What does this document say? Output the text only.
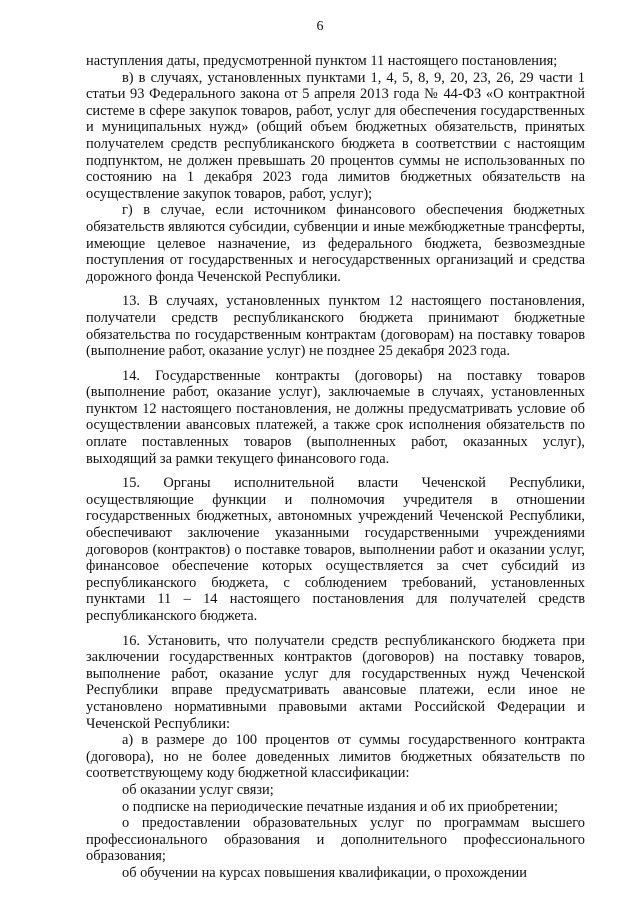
6

наступления даты, предусмотренной пунктом 11 настоящего постановления;

в) в случаях, установленных пунктами 1, 4, 5, 8, 9, 20, 23, 26, 29 части 1 статьи 93 Федерального закона от 5 апреля 2013 года № 44-ФЗ «О контрактной системе в сфере закупок товаров, работ, услуг для обеспечения государственных и муниципальных нужд» (общий объем бюджетных обязательств, принятых получателем средств республиканского бюджета в соответствии с настоящим подпунктом, не должен превышать 20 процентов суммы не использованных по состоянию на 1 декабря 2023 года лимитов бюджетных обязательств на осуществление закупок товаров, работ, услуг);

г) в случае, если источником финансового обеспечения бюджетных обязательств являются субсидии, субвенции и иные межбюджетные трансферты, имеющие целевое назначение, из федерального бюджета, безвозмездные поступления от государственных и негосударственных организаций и средства дорожного фонда Чеченской Республики.

13. В случаях, установленных пунктом 12 настоящего постановления, получатели средств республиканского бюджета принимают бюджетные обязательства по государственным контрактам (договорам) на поставку товаров (выполнение работ, оказание услуг) не позднее 25 декабря 2023 года.

14. Государственные контракты (договоры) на поставку товаров (выполнение работ, оказание услуг), заключаемые в случаях, установленных пунктом 12 настоящего постановления, не должны предусматривать условие об осуществлении авансовых платежей, а также срок исполнения обязательств по оплате поставленных товаров (выполненных работ, оказанных услуг), выходящий за рамки текущего финансового года.

15. Органы исполнительной власти Чеченской Республики, осуществляющие функции и полномочия учредителя в отношении государственных бюджетных, автономных учреждений Чеченской Республики, обеспечивают заключение указанными государственными учреждениями договоров (контрактов) о поставке товаров, выполнении работ и оказании услуг, финансовое обеспечение которых осуществляется за счет субсидий из республиканского бюджета, с соблюдением требований, установленных пунктами 11 – 14 настоящего постановления для получателей средств республиканского бюджета.

16. Установить, что получатели средств республиканского бюджета при заключении государственных контрактов (договоров) на поставку товаров, выполнение работ, оказание услуг для государственных нужд Чеченской Республики вправе предусматривать авансовые платежи, если иное не установлено нормативными правовыми актами Российской Федерации и Чеченской Республики:

а) в размере до 100 процентов от суммы государственного контракта (договора), но не более доведенных лимитов бюджетных обязательств по соответствующему коду бюджетной классификации:

об оказании услуг связи;

о подписке на периодические печатные издания и об их приобретении;

о предоставлении образовательных услуг по программам высшего профессионального образования и дополнительного профессионального образования;

об обучении на курсах повышения квалификации, о прохождении
